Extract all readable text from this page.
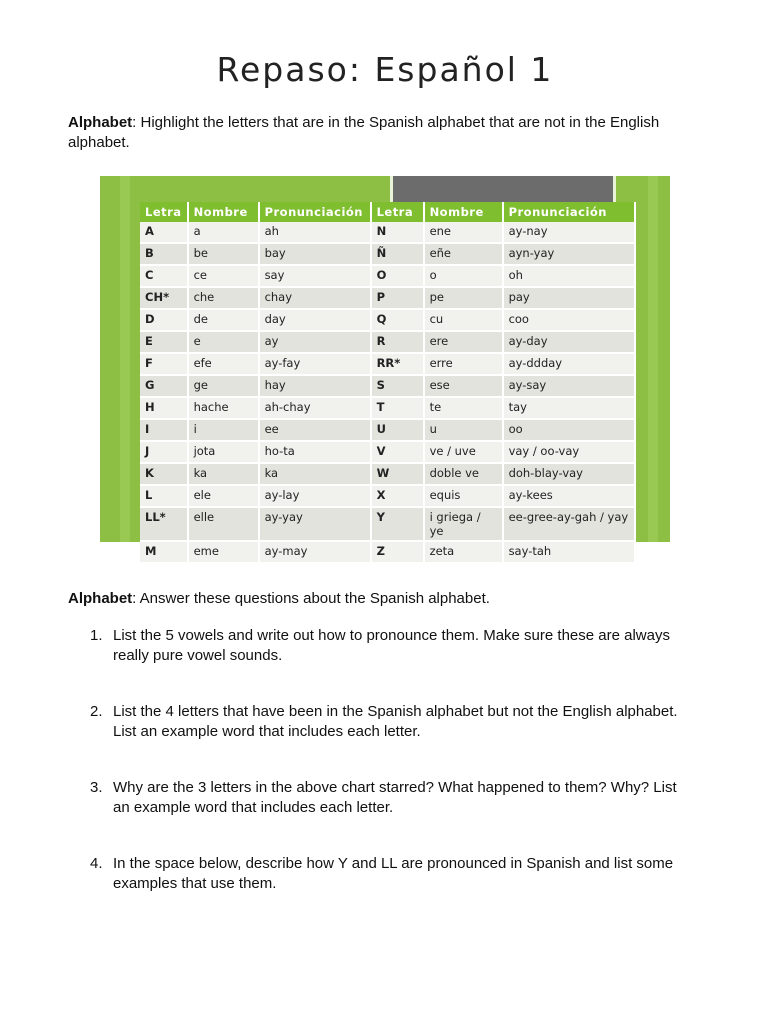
Repaso: Español 1
Alphabet: Highlight the letters that are in the Spanish alphabet that are not in the English alphabet.
Letra	Nombre	Pronunciación	Letra	Nombre	Pronunciación
A	a	ah	N	ene	ay-nay
B	be	bay	Ñ	eñe	ayn-yay
C	ce	say	O	o	oh
CH*	che	chay	P	pe	pay
D	de	day	Q	cu	coo
E	e	ay	R	ere	ay-day
F	efe	ay-fay	RR*	erre	ay-ddday
G	ge	hay	S	ese	ay-say
H	hache	ah-chay	T	te	tay
I	i	ee	U	u	oo
J	jota	ho-ta	V	ve / uve	vay / oo-vay
K	ka	ka	W	doble ve	doh-blay-vay
L	ele	ay-lay	X	equis	ay-kees
LL*	elle	ay-yay	Y	i griega / ye	ee-gree-ay-gah / yay
M	eme	ay-may	Z	zeta	say-tah
Alphabet: Answer these questions about the Spanish alphabet.
1. List the 5 vowels and write out how to pronounce them. Make sure these are always really pure vowel sounds.
2. List the 4 letters that have been in the Spanish alphabet but not the English alphabet. List an example word that includes each letter.
3. Why are the 3 letters in the above chart starred? What happened to them? Why? List an example word that includes each letter.
4. In the space below, describe how Y and LL are pronounced in Spanish and list some examples that use them.
